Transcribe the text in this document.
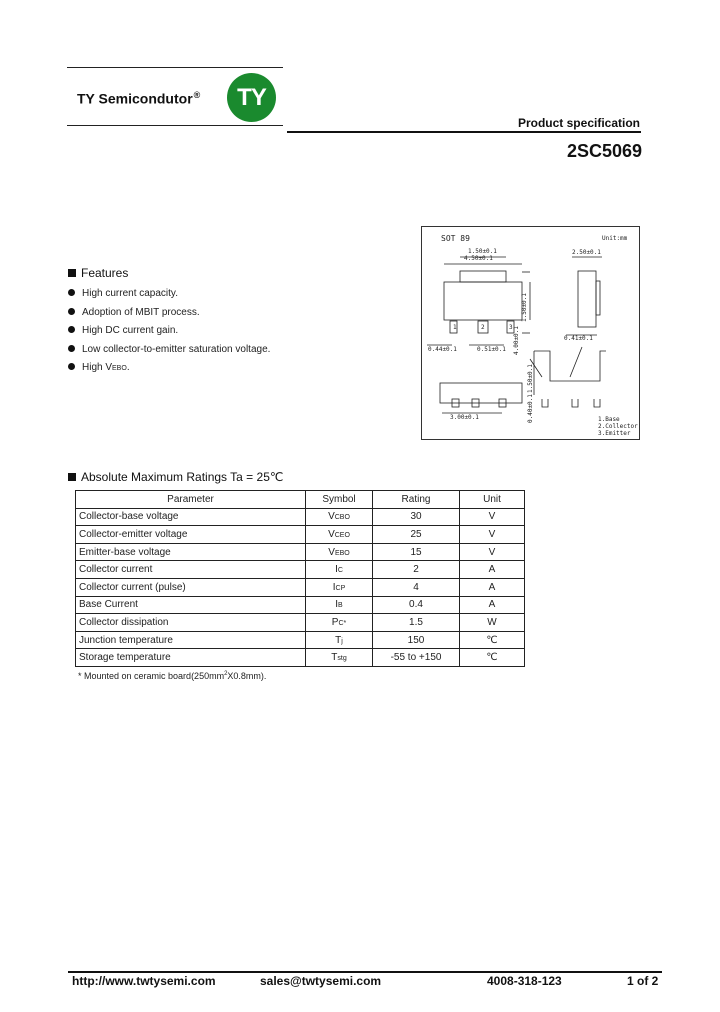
TY Semicondutor® TY
Product specification
2SC5069
Features
High current capacity.
Adoption of MBIT process.
High DC current gain.
Low collector-to-emitter saturation voltage.
High VEBO.
SOT 89	Unit:mm
4.50±0.1
1.50±0.1
1	2	3
0.44±0.1	0.51±0.1
1.50±0.1
4.00±0.1
2.50±0.1
0.41±0.1
3.00±0.1
1.50±0.1
0.40±0.1	1.Base
2.Collector
3.Emitter
Absolute Maximum Ratings Ta = 25℃
Parameter	Symbol	Rating	Unit
Collector-base voltage	VCBO	30	V
Collector-emitter voltage	VCEO	25	V
Emitter-base voltage	VEBO	15	V
Collector current	IC	2	A
Collector current (pulse)	ICP	4	A
Base Current	IB	0.4	A
Collector dissipation	PC*	1.5	W
Junction temperature	Tj	150	℃
Storage temperature	Tstg	-55 to +150	℃
* Mounted on ceramic $board(250mm^2X0.8mm)$.
http://www.twtysemi.com	sales@twtysemi.com	4008-318-123	1 of 2
